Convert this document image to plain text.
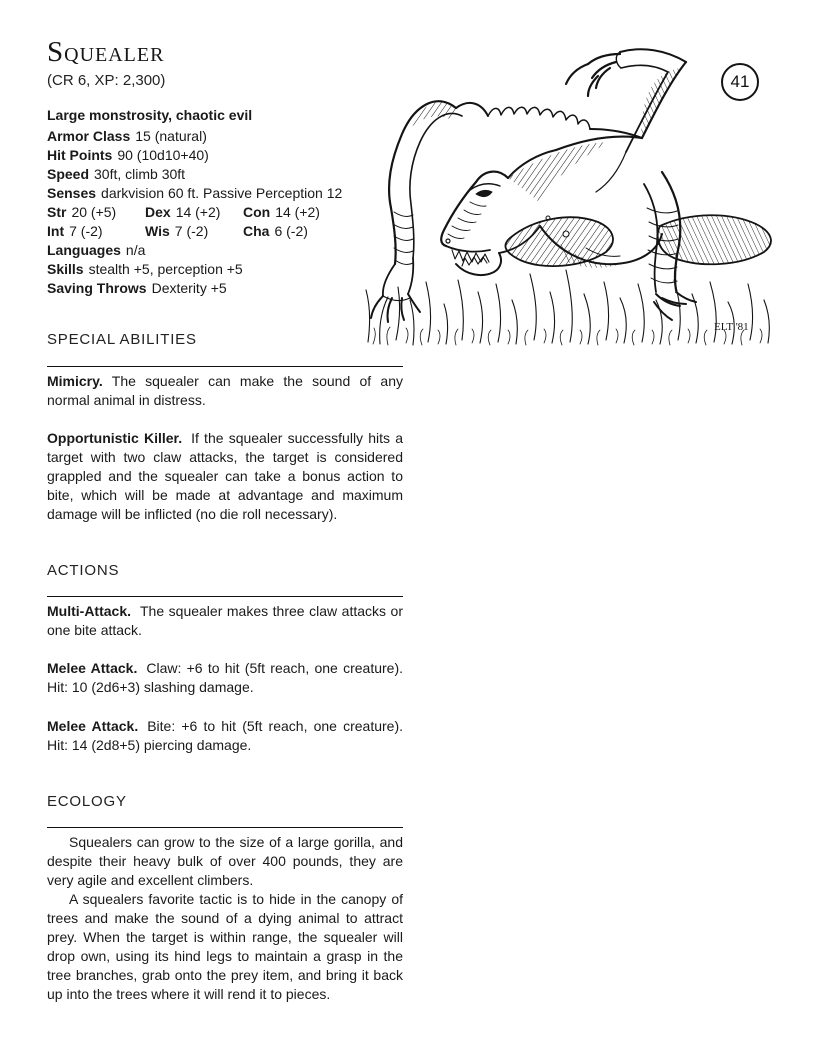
41
Squealer
(CR 6, XP: 2,300)
Large monstrosity, chaotic evil
Armor Class 15 (natural)
Hit Points 90 (10d10+40)
Speed 30ft, climb 30ft
Senses darkvision 60 ft. Passive Perception 12
Str 20 (+5)	Dex 14 (+2)	Con 14 (+2)
Int 7 (-2)	Wis 7 (-2)	Cha 6 (-2)
Languages n/a
Skills stealth +5, perception +5
Saving Throws Dexterity +5
SPECIAL ABILITIES
Mimicry. The squealer can make the sound of any normal animal in distress.
Opportunistic Killer. If the squealer successfully hits a target with two claw attacks, the target is considered grappled and the squealer can take a bonus action to bite, which will be made at advantage and maximum damage will be inflicted (no die roll necessary).
ACTIONS
Multi-Attack. The squealer makes three claw attacks or one bite attack.
Melee Attack. Claw: +6 to hit (5ft reach, one creature). Hit: 10 (2d6+3) slashing damage.
Melee Attack. Bite: +6 to hit (5ft reach, one creature). Hit: 14 (2d8+5) piercing damage.
ECOLOGY

Squealers can grow to the size of a large gorilla, and despite their heavy bulk of over 400 pounds, they are very agile and excellent climbers.

A squealers favorite tactic is to hide in the canopy of trees and make the sound of a dying animal to attract prey. When the target is within range, the squealer will drop own, using its hind legs to maintain a grasp in the tree branches, grab onto the prey item, and bring it back up into the trees where it will rend it to pieces.

ELT '81
